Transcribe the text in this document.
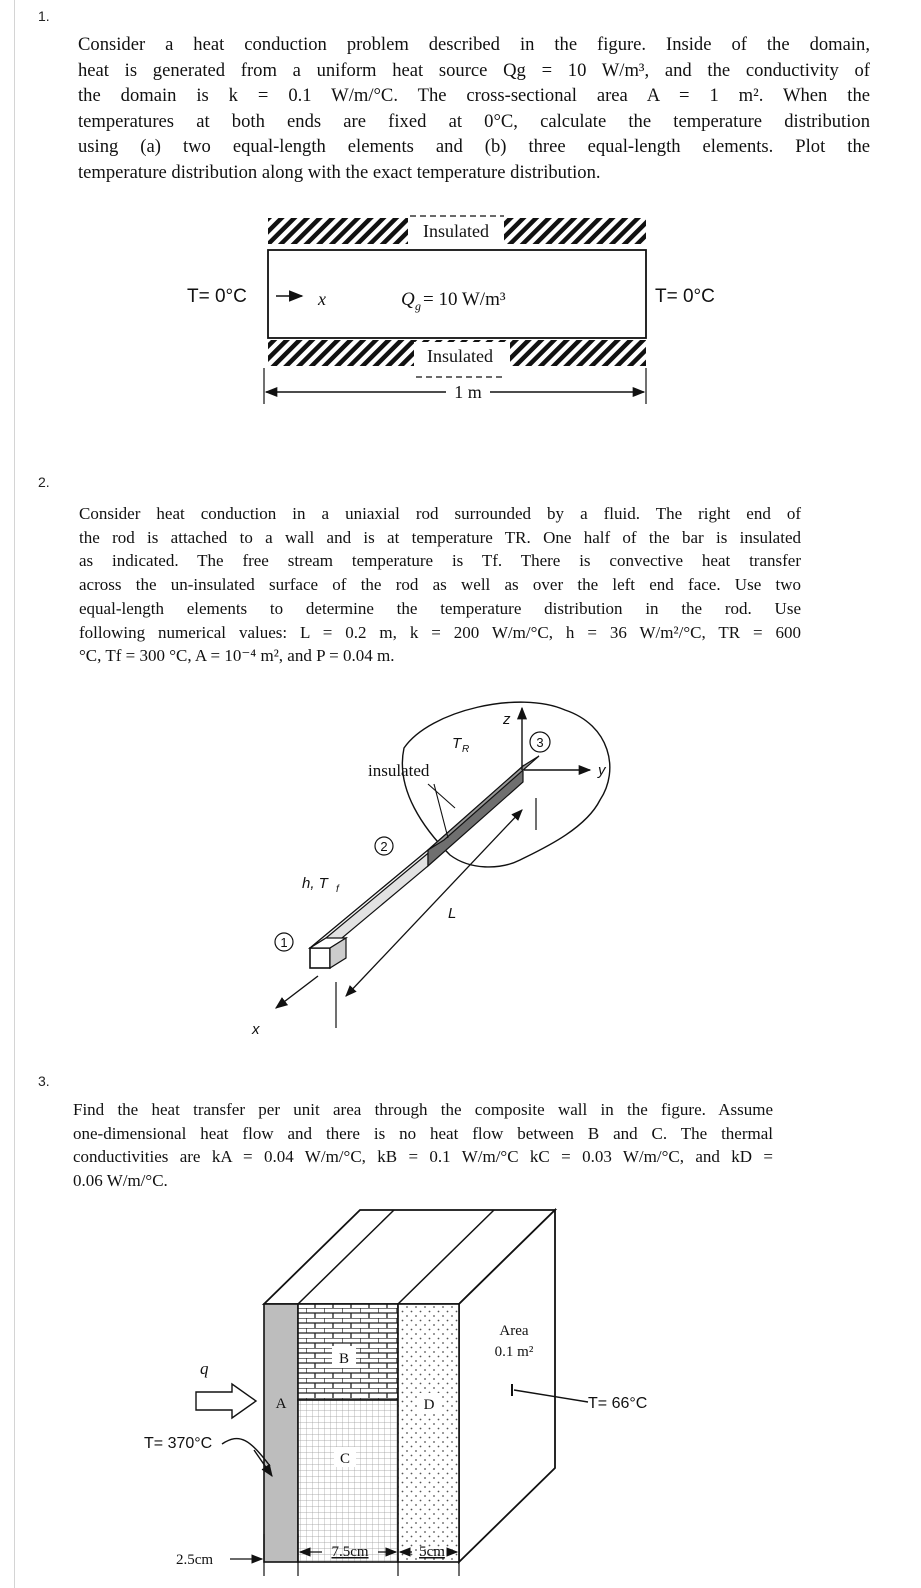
1.
Consider a heat conduction problem described in the figure. Inside of the domain,
heat is generated from a uniform heat source Qg = 10 W/m³, and the conductivity of
the domain is k = 0.1 W/m/°C. The cross-sectional area A = 1 m². When the
temperatures at both ends are fixed at 0°C, calculate the temperature distribution
using (a) two equal-length elements and (b) three equal-length elements. Plot the
temperature distribution along with the exact temperature distribution.
Insulated
Insulated
T= 0°C	T= 0°C
x	Q g = 10 W/m³
1 m
2.
Consider heat conduction in a uniaxial rod surrounded by a fluid. The right end of
the rod is attached to a wall and is at temperature TR. One half of the bar is insulated
as indicated. The free stream temperature is Tf. There is convective heat transfer
across the un-insulated surface of the rod as well as over the left end face. Use two
equal-length elements to determine the temperature distribution in the rod. Use
following numerical values: L = 0.2 m, k = 200 W/m/°C, h = 36 W/m²/°C, TR = 600
°C, Tf = 300 °C, A = 10⁻⁴ m², and P = 0.04 m.
z
y
x
T R
insulated
1
2
3
h, T f
L
3.
Find the heat transfer per unit area through the composite wall in the figure. Assume
one-dimensional heat flow and there is no heat flow between B and C. The thermal
conductivities are kA = 0.04 W/m/°C, kB = 0.1 W/m/°C kC = 0.03 W/m/°C, and kD =
0.06 W/m/°C.
B
A
C
D
Area
0.1 m²
q
T= 370°C
T= 66°C
2.5cm	7.5cm	5cm
